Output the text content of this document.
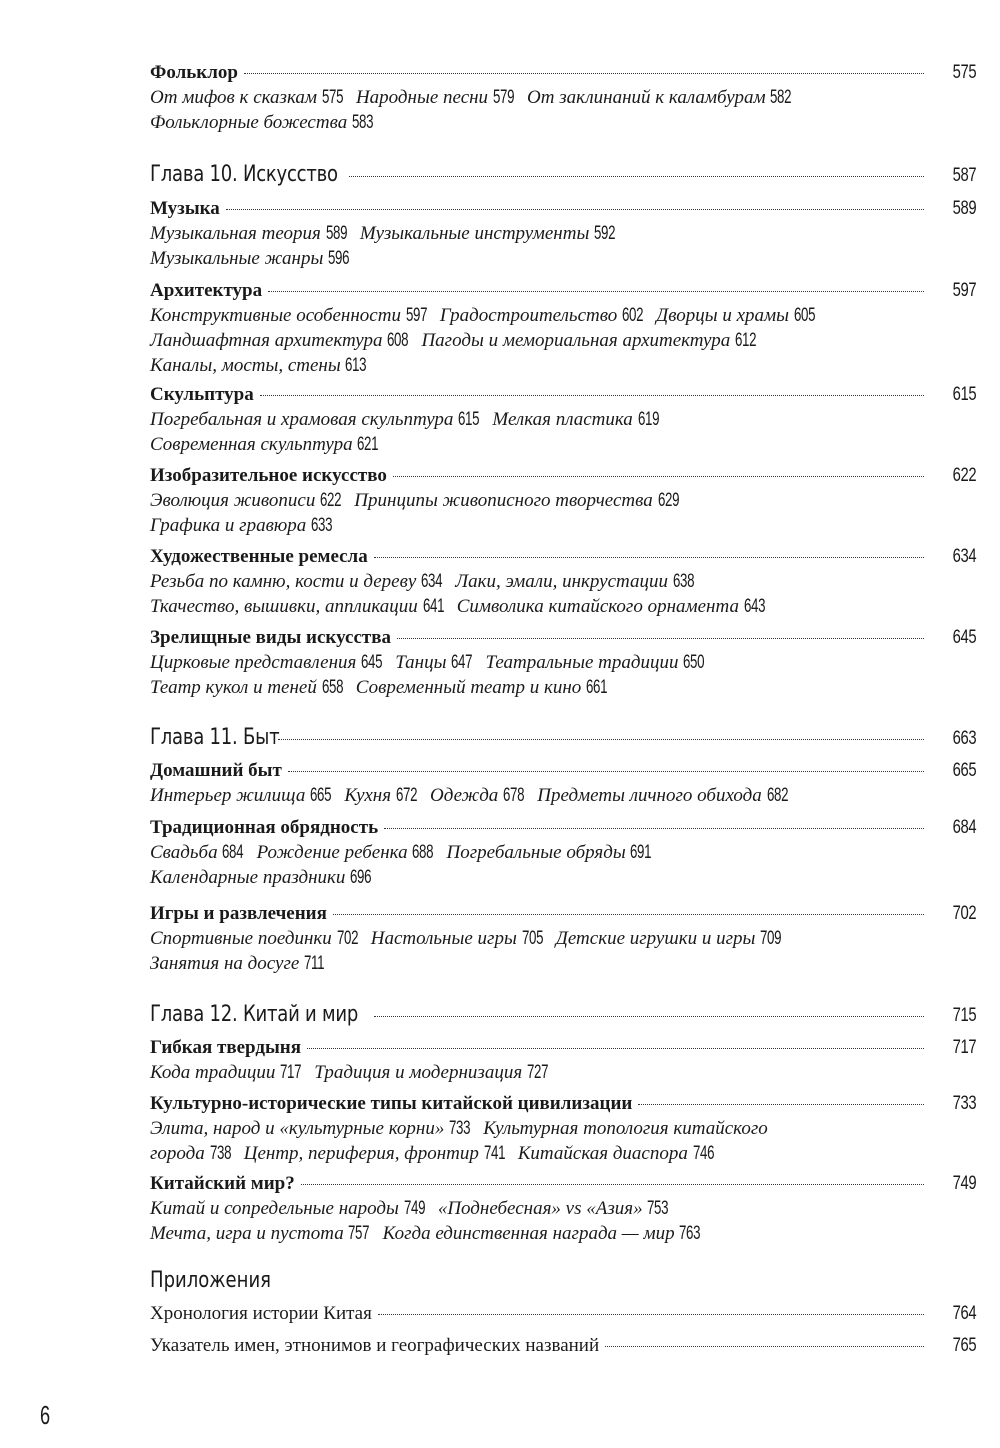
Фольклор	575
От мифов к сказкам 575 Народные песни 579 От заклинаний к каламбурам 582
Фольклорные божества 583
Глава 10. Искусство	587
Музыка	589
Музыкальная теория 589 Музыкальные инструменты 592
Музыкальные жанры 596
Архитектура	597
Конструктивные особенности 597 Градостроительство 602 Дворцы и храмы 605
Ландшафтная архитектура 608 Пагоды и мемориальная архитектура 612
Каналы, мосты, стены 613
Скульптура	615
Погребальная и храмовая скульптура 615 Мелкая пластика 619
Современная скульптура 621
Изобразительное искусство	622
Эволюция живописи 622 Принципы живописного творчества 629
Графика и гравюра 633
Художественные ремесла	634
Резьба по камню, кости и дереву 634 Лаки, эмали, инкрустации 638
Ткачество, вышивки, аппликации 641 Символика китайского орнамента 643
Зрелищные виды искусства	645
Цирковые представления 645 Танцы 647 Театральные традиции 650
Театр кукол и теней 658 Современный театр и кино 661
Глава 11. Быт	663
Домашний быт	665
Интерьер жилища 665 Кухня 672 Одежда 678 Предметы личного обихода 682
Традиционная обрядность	684
Свадьба 684 Рождение ребенка 688 Погребальные обряды 691
Календарные праздники 696
Игры и развлечения	702
Спортивные поединки 702 Настольные игры 705 Детские игрушки и игры 709
Занятия на досуге 711
Глава 12. Китай и мир	715
Гибкая твердыня	717
Кода традиции 717 Традиция и модернизация 727
Культурно-исторические типы китайской цивилизации	733
Элита, народ и «культурные корни» 733 Культурная топология китайского
города 738 Центр, периферия, фронтир 741 Китайская диаспора 746
Китайский мир?	749
Китай и сопредельные народы 749 «Поднебесная» vs «Азия» 753
Мечта, игра и пустота 757 Когда единственная награда — мир 763
Приложения
Хронология истории Китая	764
Указатель имен, этнонимов и географических названий	765
6
